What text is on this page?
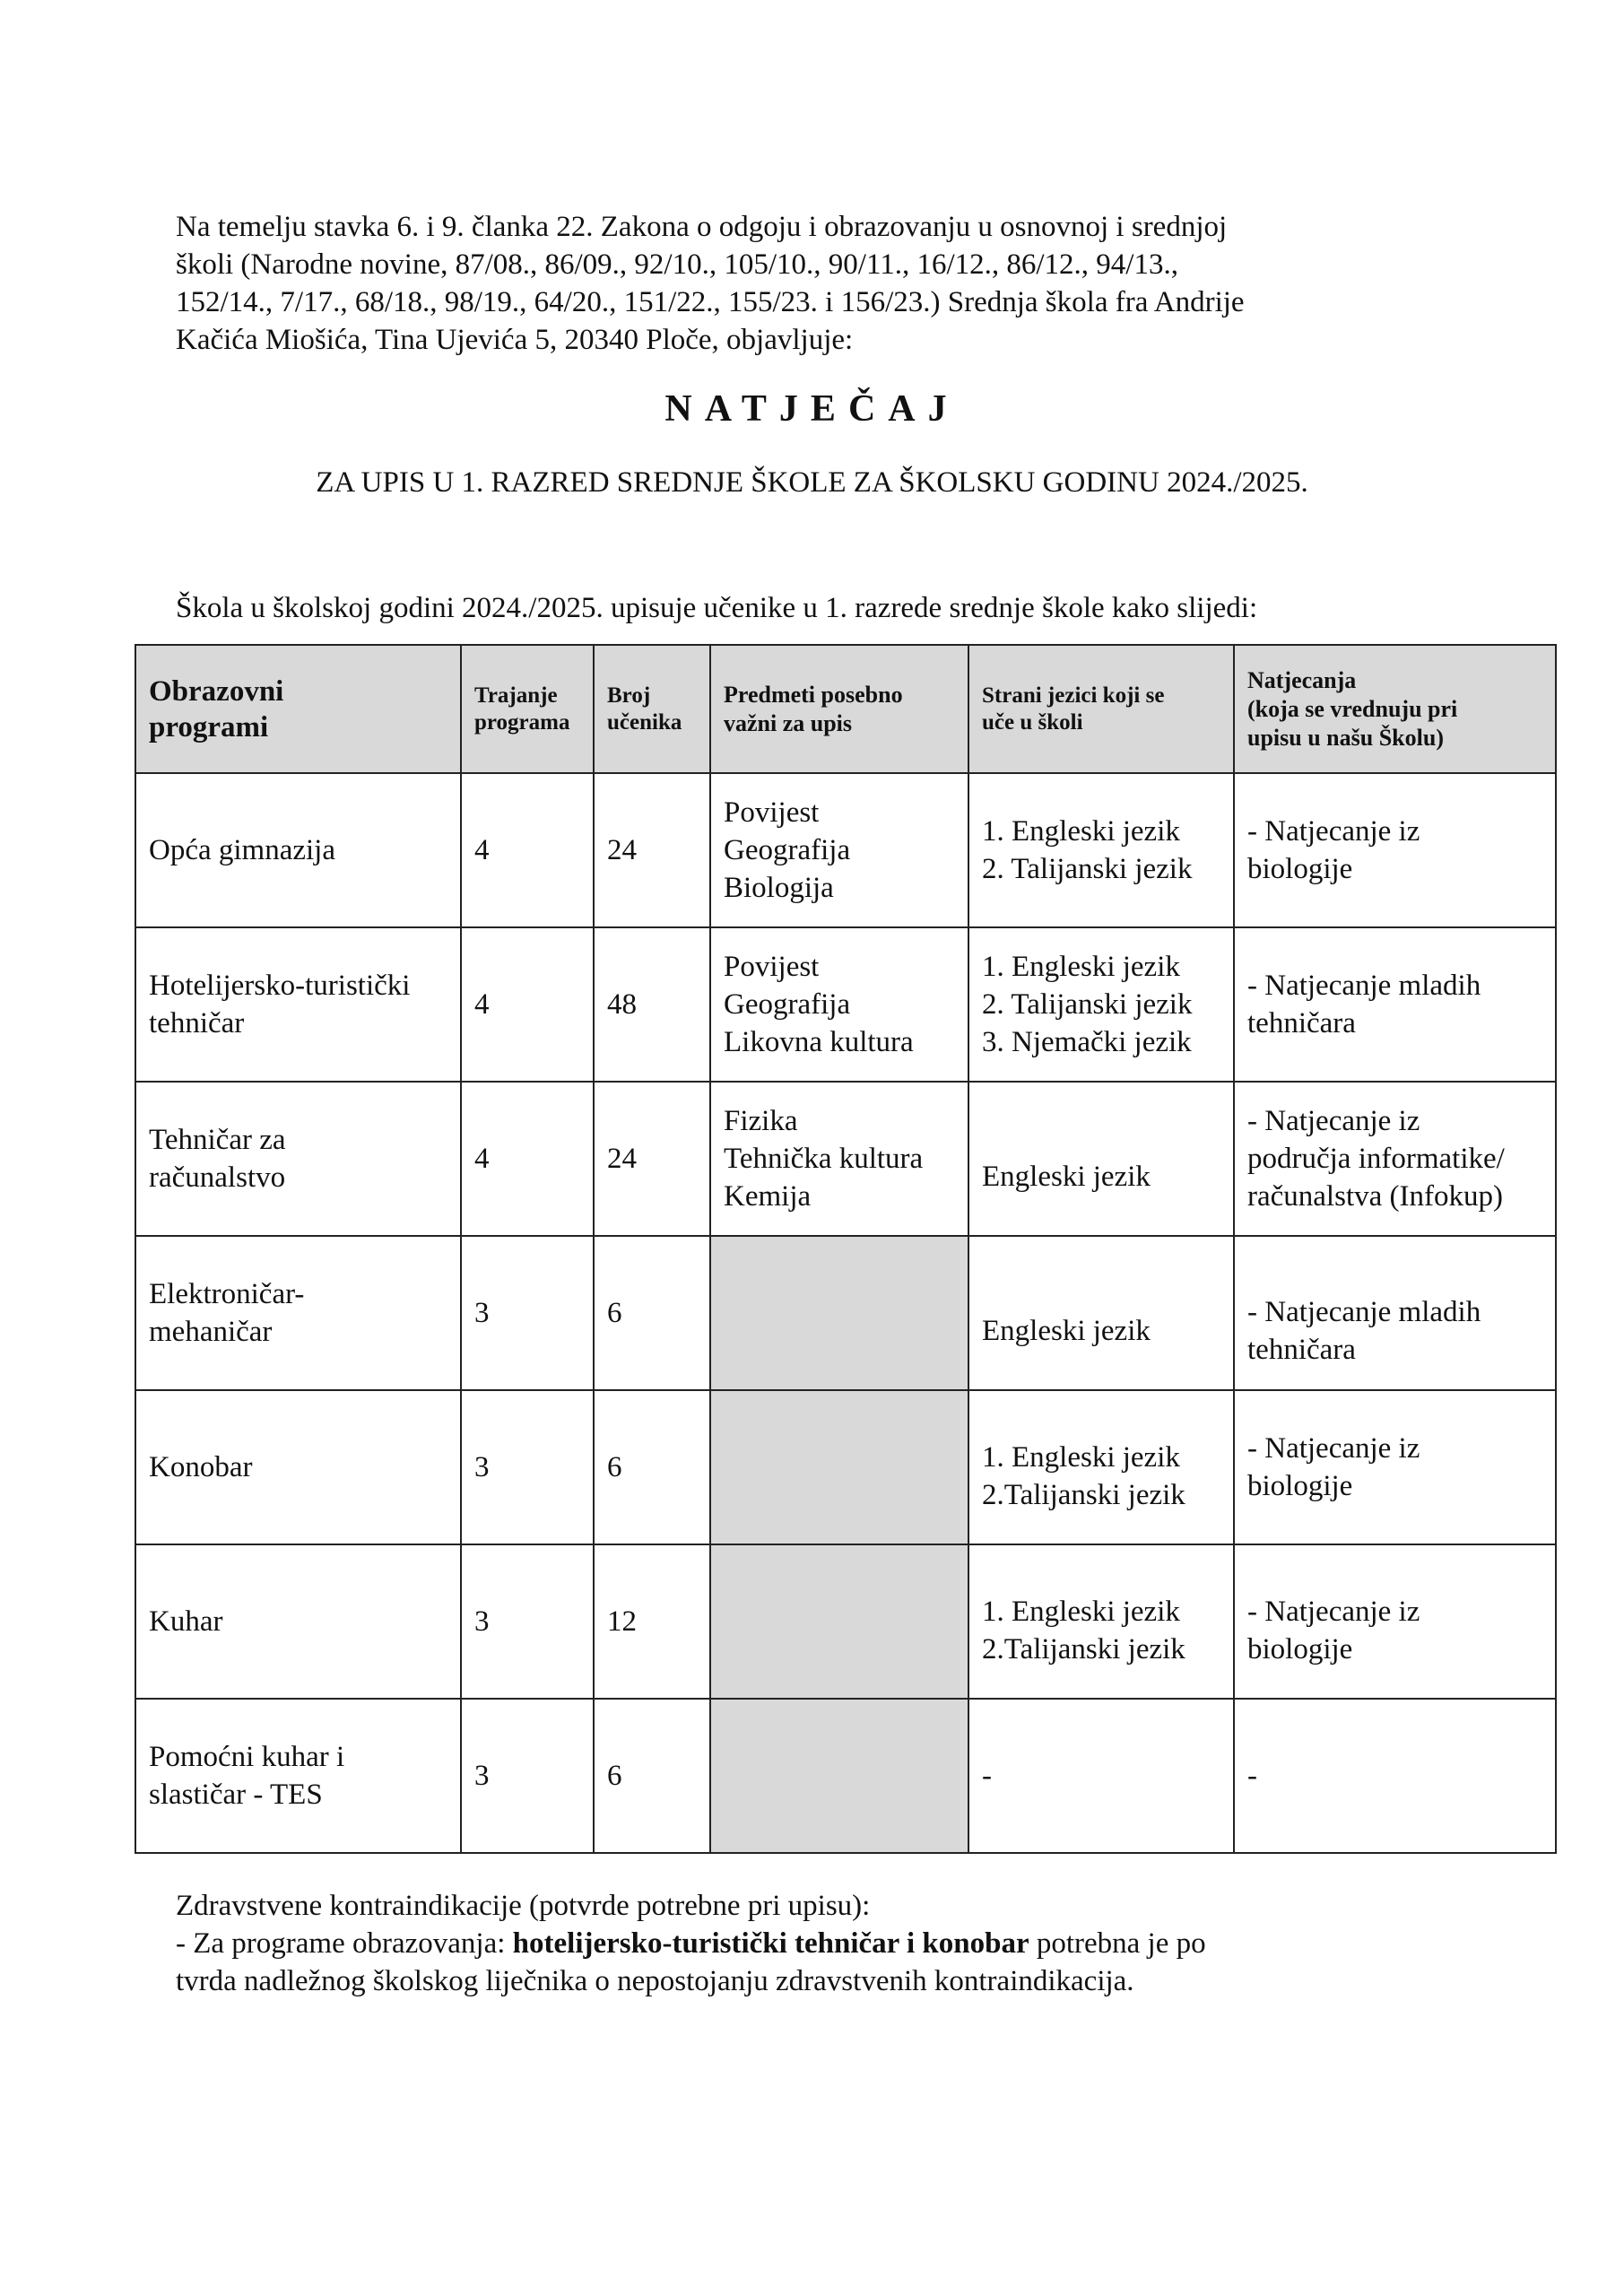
Na temelju stavka 6. i 9. članka 22. Zakona o odgoju i obrazovanju u osnovnoj i srednjoj
školi (Narodne novine, 87/08., 86/09., 92/10., 105/10., 90/11., 16/12., 86/12., 94/13.,
152/14., 7/17., 68/18., 98/19., 64/20., 151/22., 155/23. i 156/23.) Srednja škola fra Andrije
Kačića Miošića, Tina Ujevića 5, 20340 Ploče, objavljuje:
NATJEČAJ
ZA UPIS U 1. RAZRED SREDNJE ŠKOLE ZA ŠKOLSKU GODINU 2024./2025.
Škola u školskoj godini 2024./2025. upisuje učenike u 1. razrede srednje škole kako slijedi:
Obrazovni
programi	Trajanje
programa	Broj
učenika	Predmeti posebno
važni za upis	Strani jezici koji se
uče u školi	Natjecanja
(koja se vrednuju pri
upisu u našu Školu)

Opća gimnazija	4	24	Povijest
Geografija
Biologija	1. Engleski jezik
2. Talijanski jezik	- Natjecanje iz
biologije

Hotelijersko-turistički
tehničar	4	48	Povijest
Geografija
Likovna kultura	1. Engleski jezik
2. Talijanski jezik
3. Njemački jezik	- Natjecanje mladih
tehničara

Tehničar za
računalstvo	4	24	Fizika
Tehnička kultura
Kemija	Engleski jezik	- Natjecanje iz
područja informatike/
računalstva (Infokup)

Elektroničar-
mehaničar	3	6		Engleski jezik	- Natjecanje mladih
tehničara

Konobar	3	6		1. Engleski jezik
2.Talijanski jezik	- Natjecanje iz
biologije

Kuhar	3	12		1. Engleski jezik
2.Talijanski jezik	- Natjecanje iz
biologije

Pomoćni kuhar i
slastičar - TES	3	6		-	-
Zdravstvene kontraindikacije (potvrde potrebne pri upisu):
- Za programe obrazovanja: hotelijersko-turistički tehničar i konobar potrebna je po
tvrda nadležnog školskog liječnika o nepostojanju zdravstvenih kontraindikacija.
